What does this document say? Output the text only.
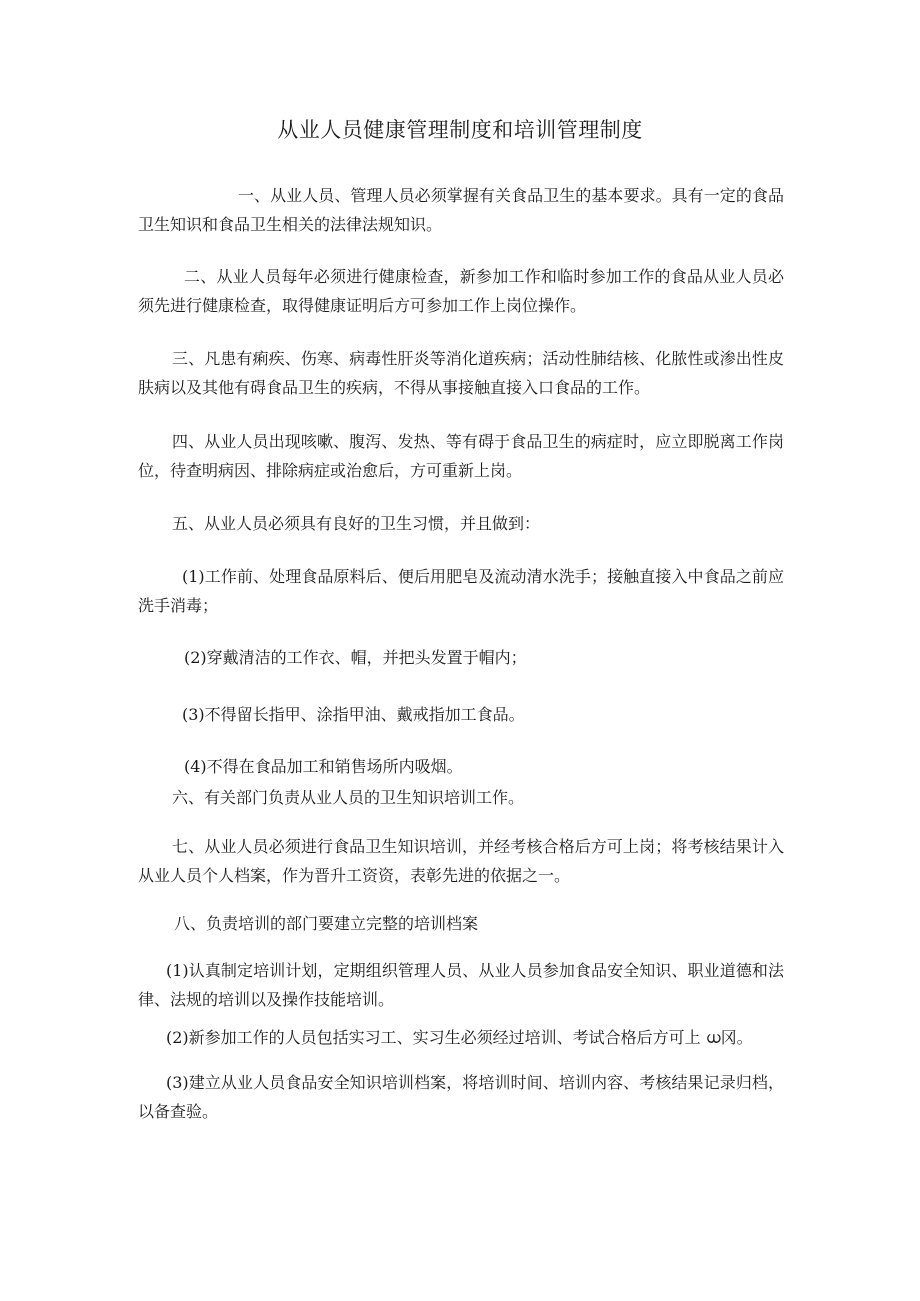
从业人员健康管理制度和培训管理制度
一、从业人员、管理人员必须掌握有关食品卫生的基本要求。具有一定的食品卫生知识和食品卫生相关的法律法规知识。
二、从业人员每年必须进行健康检查，新参加工作和临时参加工作的食品从业人员必须先进行健康检查，取得健康证明后方可参加工作上岗位操作。
三、凡患有痢疾、伤寒、病毒性肝炎等消化道疾病；活动性肺结核、化脓性或渗出性皮肤病以及其他有碍食品卫生的疾病，不得从事接触直接入口食品的工作。
四、从业人员出现咳嗽、腹泻、发热、等有碍于食品卫生的病症时，应立即脱离工作岗位，待查明病因、排除病症或治愈后，方可重新上岗。
五、从业人员必须具有良好的卫生习惯，并且做到：
(1)工作前、处理食品原料后、便后用肥皂及流动清水洗手；接触直接入中食品之前应洗手消毒；
(2)穿戴清洁的工作衣、帽，并把头发置于帽内；
(3)不得留长指甲、涂指甲油、戴戒指加工食品。
(4)不得在食品加工和销售场所内吸烟。
六、有关部门负责从业人员的卫生知识培训工作。
七、从业人员必须进行食品卫生知识培训，并经考核合格后方可上岗；将考核结果计入从业人员个人档案，作为晋升工资资，表彰先进的依据之一。
八、负责培训的部门要建立完整的培训档案
(1)认真制定培训计划，定期组织管理人员、从业人员参加食品安全知识、职业道德和法律、法规的培训以及操作技能培训。
(2)新参加工作的人员包括实习工、实习生必须经过培训、考试合格后方可上 ധ冈。
(3)建立从业人员食品安全知识培训档案，将培训时间、培训内容、考核结果记录归档，以备查验。
